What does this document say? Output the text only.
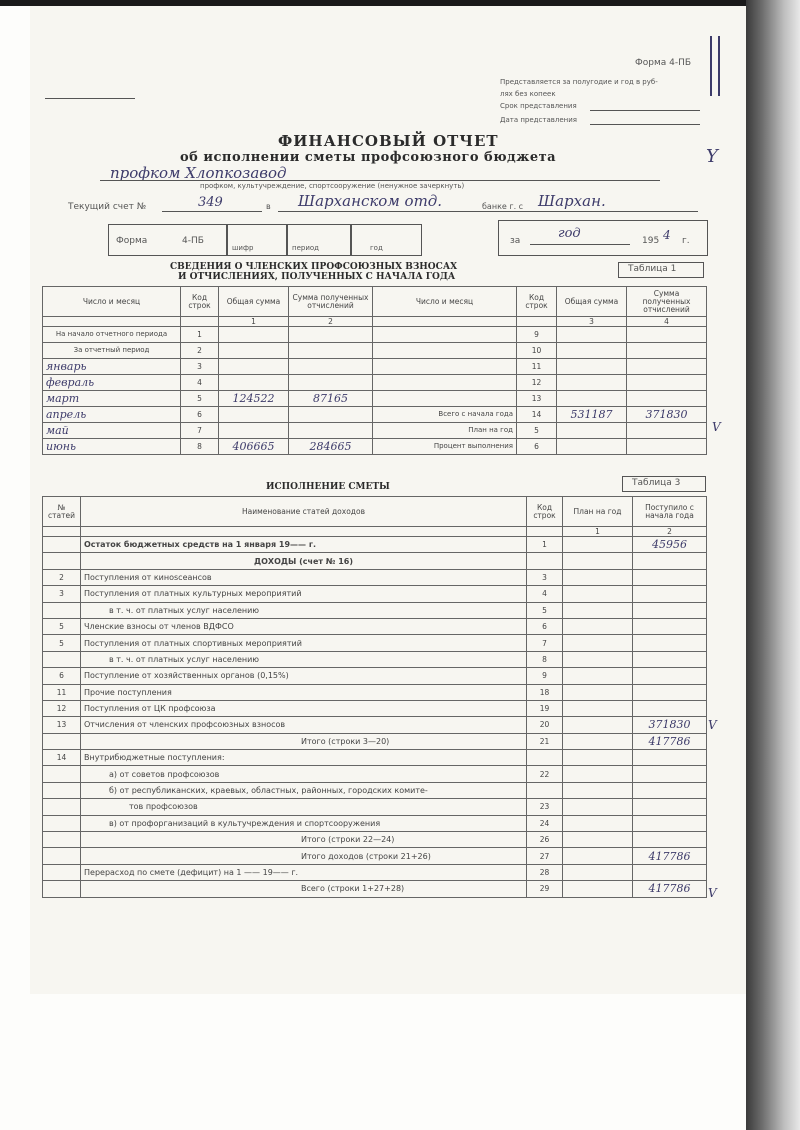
Форма 4-ПБ
Представляется за полугодие и год в руб-
лях без копеек
Срок представления
Дата представления
ФИНАНСОВЫЙ ОТЧЕТ
об исполнении сметы профсоюзного бюджета
профком Хлопкозавод
профком, культучреждение, спортсооружение (ненужное зачеркнуть)
Текущий счет №	349	в Шарханском отд.	банке г. с Шархан.
Форма	4-ПБ
шифр	период	год
за	год	195 4 г.
СВЕДЕНИЯ О ЧЛЕНСКИХ ПРОФСОЮЗНЫХ ВЗНОСАХ
И ОТЧИСЛЕНИЯХ, ПОЛУЧЕННЫХ С НАЧАЛА ГОДА
Таблица 1
Число и месяц	Код строк	Общая сумма	Сумма полученных отчислений	Число и месяц	Код строк	Общая сумма	Сумма полученных отчислений
		1	2			3	4
На начало отчетного периода	1				9		
За отчетный период	2				10		
январь	3				11		
февраль	4				12		
март	5	124522	87165		13		
апрель	6			Всего с начала года	14	531187	371830
май	7			План на год	5		
июнь	8	406665	284665	Процент выполнения	6		
ИСПОЛНЕНИЕ СМЕТЫ	Таблица 3
№ статей	Наименование статей доходов	Код строк	План на год	Поступило с начала года
			1	2
	Остаток бюджетных средств на 1 января 19—— г.	1		45956
	ДОХОДЫ (счет № 16)			
2	Поступления от кинosсеансов	3		
3	Поступления от платных культурных мероприятий	4		
	в т. ч. от платных услуг населению	5		
5	Членские взносы от членов ВДФСО	6		
5	Поступления от платных спортивных мероприятий	7		
	в т. ч. от платных услуг населению	8		
6	Поступление от хозяйственных органов (0,15%)	9		
11	Прочие поступления	18		
12	Поступления от ЦК профсоюза	19		
13	Отчисления от членских профсоюзных взносов	20		371830
	Итого (строки 3—20)	21		417786
14	Внутрибюджетные поступления:			
	а) от советов профсоюзов	22		
	б) от республиканских, краевых, областных, районных, городских комите-			
	тов профсоюзов	23		
	в) от профорганизаций в культучреждения и спортсооружения	24		
	Итого (строки 22—24)	26		
	Итого доходов (строки 21+26)	27		417786
	Перерасход по смете (дефицит) на 1 —— 19—— г.	28		
	Всего (строки 1+27+28)	29		417786
Y
V
V
V
